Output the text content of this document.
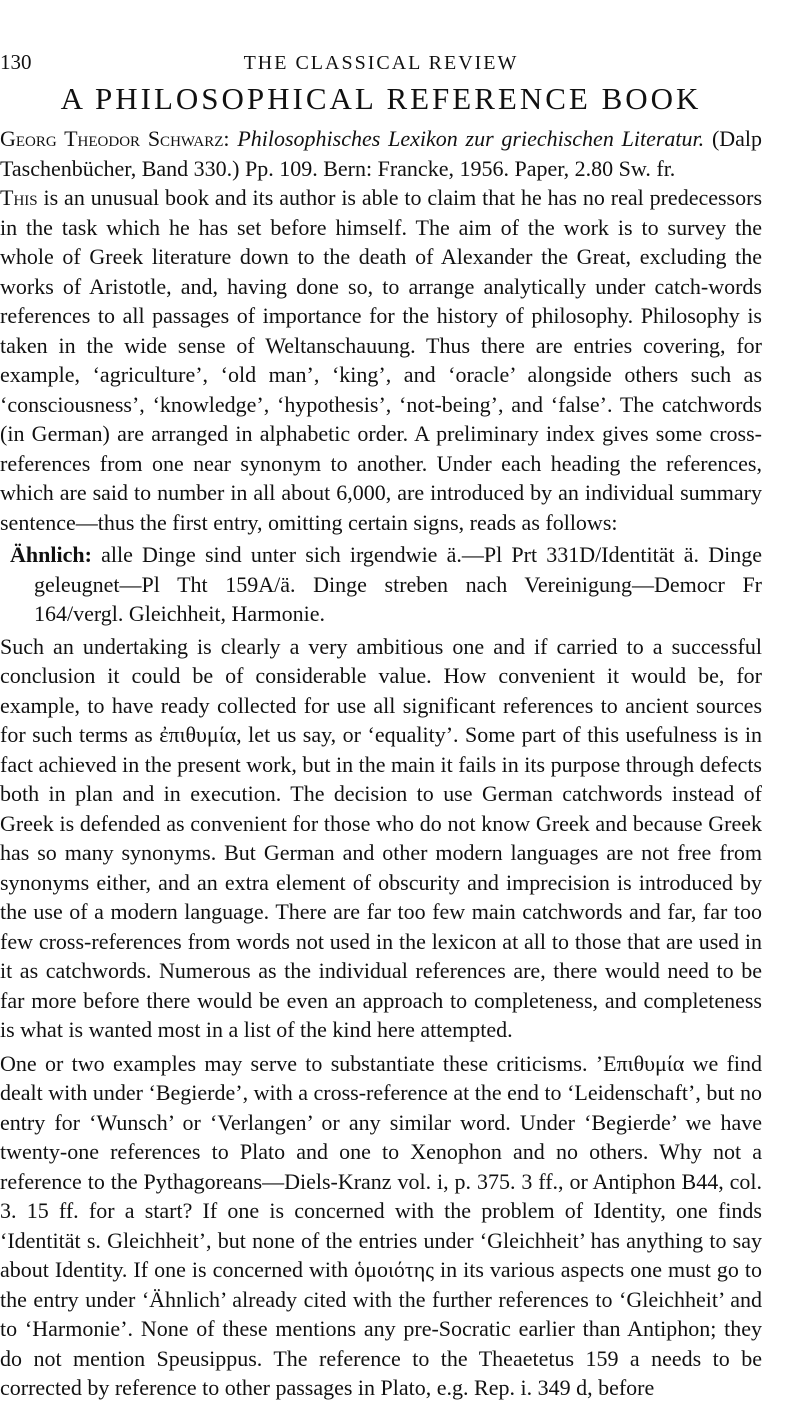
130	THE CLASSICAL REVIEW
A PHILOSOPHICAL REFERENCE BOOK

Georg Theodor Schwarz: Philosophisches Lexikon zur griechischen Literatur. (Dalp Taschenbücher, Band 330.) Pp. 109. Bern: Francke, 1956. Paper, 2.80 Sw. fr.

This is an unusual book and its author is able to claim that he has no real predecessors in the task which he has set before himself. The aim of the work is to survey the whole of Greek literature down to the death of Alexander the Great, excluding the works of Aristotle, and, having done so, to arrange analytically under catch-words references to all passages of importance for the history of philosophy. Philosophy is taken in the wide sense of Weltanschauung. Thus there are entries covering, for example, ‘agriculture’, ‘old man’, ‘king’, and ‘oracle’ alongside others such as ‘consciousness’, ‘knowledge’, ‘hypothesis’, ‘not-being’, and ‘false’. The catchwords (in German) are arranged in alphabetic order. A preliminary index gives some cross-references from one near synonym to another. Under each heading the references, which are said to number in all about 6,000, are introduced by an individual summary sentence—thus the first entry, omitting certain signs, reads as follows:

Ähnlich: alle Dinge sind unter sich irgendwie ä.—Pl Prt 331D/Identität ä. Dinge geleugnet—Pl Tht 159A/ä. Dinge streben nach Vereinigung—Democr Fr 164/vergl. Gleichheit, Harmonie.

Such an undertaking is clearly a very ambitious one and if carried to a successful conclusion it could be of considerable value. How convenient it would be, for example, to have ready collected for use all significant references to ancient sources for such terms as ἐπιθυμία, let us say, or ‘equality’. Some part of this usefulness is in fact achieved in the present work, but in the main it fails in its purpose through defects both in plan and in execution. The decision to use German catchwords instead of Greek is defended as convenient for those who do not know Greek and because Greek has so many synonyms. But German and other modern languages are not free from synonyms either, and an extra element of obscurity and imprecision is introduced by the use of a modern language. There are far too few main catchwords and far, far too few cross-references from words not used in the lexicon at all to those that are used in it as catchwords. Numerous as the individual references are, there would need to be far more before there would be even an approach to completeness, and completeness is what is wanted most in a list of the kind here attempted.

One or two examples may serve to substantiate these criticisms. ’Επιθυμία we find dealt with under ‘Begierde’, with a cross-reference at the end to ‘Leidenschaft’, but no entry for ‘Wunsch’ or ‘Verlangen’ or any similar word. Under ‘Begierde’ we have twenty-one references to Plato and one to Xenophon and no others. Why not a reference to the Pythagoreans—Diels-Kranz vol. i, p. 375. 3 ff., or Antiphon B44, col. 3. 15 ff. for a start? If one is concerned with the problem of Identity, one finds ‘Identität s. Gleichheit’, but none of the entries under ‘Gleichheit’ has anything to say about Identity. If one is concerned with ὁμοιότης in its various aspects one must go to the entry under ‘Ähnlich’ already cited with the further references to ‘Gleichheit’ and to ‘Harmonie’. None of these mentions any pre-Socratic earlier than Antiphon; they do not mention Speusippus. The reference to the Theaetetus 159 a needs to be corrected by reference to other passages in Plato, e.g. Rep. i. 349 d, before
